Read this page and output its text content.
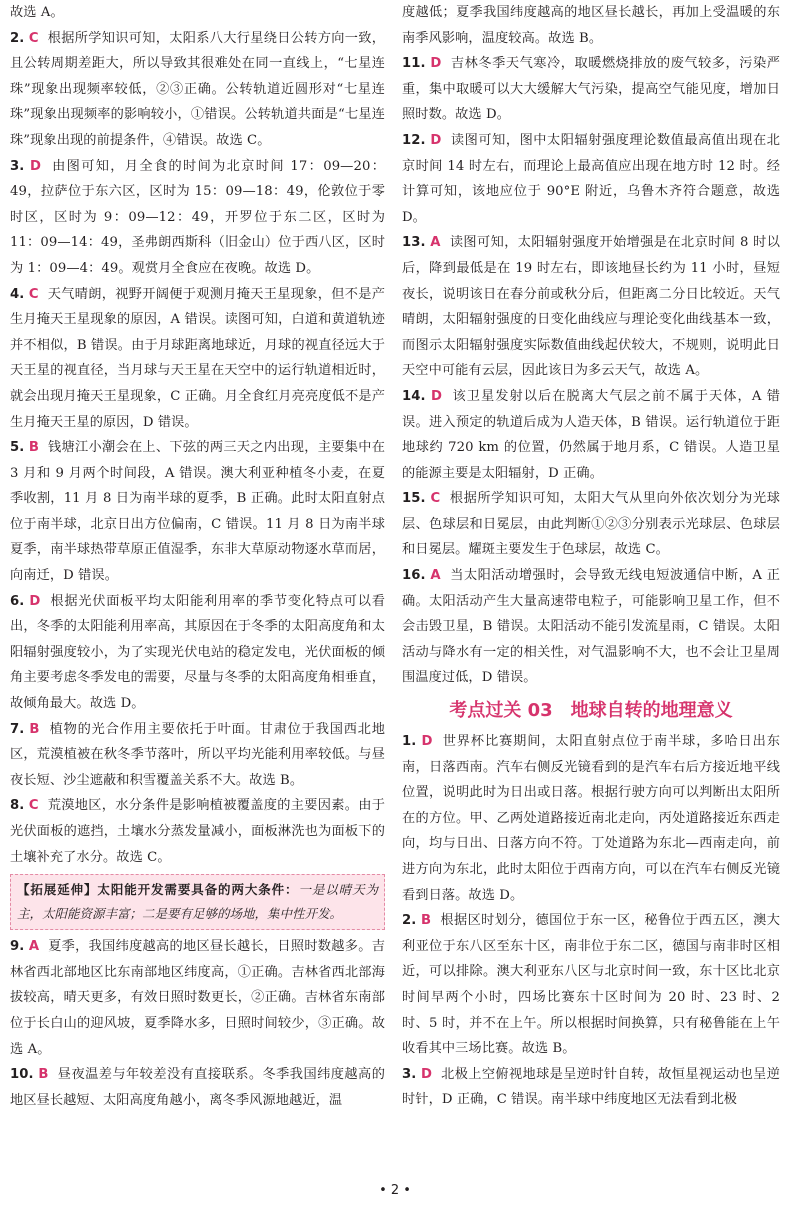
故选 A。

2. C 根据所学知识可知，太阳系八大行星绕日公转方向一致，且公转周期差距大，所以导致其很难处在同一直线上，“七星连珠”现象出现频率较低，②③正确。公转轨道近圆形对“七星连珠”现象出现频率的影响较小，①错误。公转轨道共面是“七星连珠”现象出现的前提条件，④错误。故选 C。

3. D 由图可知，月全食的时间为北京时间 17：09—20：49，拉萨位于东六区，区时为 15：09—18：49，伦敦位于零时区，区时为 9：09—12：49，开罗位于东二区，区时为 11：09—14：49，圣弗朗西斯科（旧金山）位于西八区，区时为 1：09—4：49。观赏月全食应在夜晚。故选 D。

4. C 天气晴朗，视野开阔便于观测月掩天王星现象，但不是产生月掩天王星现象的原因，A 错误。读图可知，白道和黄道轨迹并不相似，B 错误。由于月球距离地球近，月球的视直径远大于天王星的视直径，当月球与天王星在天空中的运行轨道相近时，就会出现月掩天王星现象，C 正确。月全食红月亮亮度低不是产生月掩天王星的原因，D 错误。

5. B 钱塘江小潮会在上、下弦的两三天之内出现，主要集中在 3 月和 9 月两个时间段，A 错误。澳大利亚种植冬小麦，在夏季收割，11 月 8 日为南半球的夏季，B 正确。此时太阳直射点位于南半球，北京日出方位偏南，C 错误。11 月 8 日为南半球夏季，南半球热带草原正值湿季，东非大草原动物逐水草而居，向南迁，D 错误。

6. D 根据光伏面板平均太阳能利用率的季节变化特点可以看出，冬季的太阳能利用率高，其原因在于冬季的太阳高度角和太阳辐射强度较小，为了实现光伏电站的稳定发电，光伏面板的倾角主要考虑冬季发电的需要，尽量与冬季的太阳高度角相垂直，故倾角最大。故选 D。

7. B 植物的光合作用主要依托于叶面。甘肃位于我国西北地区，荒漠植被在秋冬季节落叶，所以平均光能利用率较低。与昼夜长短、沙尘遮蔽和积雪覆盖关系不大。故选 B。

8. C 荒漠地区，水分条件是影响植被覆盖度的主要因素。由于光伏面板的遮挡，土壤水分蒸发量减小，面板淋洗也为面板下的土壤补充了水分。故选 C。

【拓展延伸】太阳能开发需要具备的两大条件：一是以晴天为主，太阳能资源丰富；二是要有足够的场地，集中性开发。

9. A 夏季，我国纬度越高的地区昼长越长，日照时数越多。吉林省西北部地区比东南部地区纬度高，①正确。吉林省西北部海拔较高，晴天更多，有效日照时数更长，②正确。吉林省东南部位于长白山的迎风坡，夏季降水多，日照时间较少，③正确。故选 A。

10. B 昼夜温差与年较差没有直接联系。冬季我国纬度越高的地区昼长越短、太阳高度角越小，离冬季风源地越近，温

度越低；夏季我国纬度越高的地区昼长越长，再加上受温暖的东南季风影响，温度较高。故选 B。

11. D 吉林冬季天气寒冷，取暖燃烧排放的废气较多，污染严重，集中取暖可以大大缓解大气污染，提高空气能见度，增加日照时数。故选 D。

12. D 读图可知，图中太阳辐射强度理论数值最高值出现在北京时间 14 时左右，而理论上最高值应出现在地方时 12 时。经计算可知，该地应位于 90°E 附近，乌鲁木齐符合题意，故选 D。

13. A 读图可知，太阳辐射强度开始增强是在北京时间 8 时以后，降到最低是在 19 时左右，即该地昼长约为 11 小时，昼短夜长，说明该日在春分前或秋分后，但距离二分日比较近。天气晴朗，太阳辐射强度的日变化曲线应与理论变化曲线基本一致，而图示太阳辐射强度实际数值曲线起伏较大，不规则，说明此日天空中可能有云层，因此该日为多云天气，故选 A。

14. D 该卫星发射以后在脱离大气层之前不属于天体，A 错误。进入预定的轨道后成为人造天体，B 错误。运行轨道位于距地球约 720 km 的位置，仍然属于地月系，C 错误。人造卫星的能源主要是太阳辐射，D 正确。

15. C 根据所学知识可知，太阳大气从里向外依次划分为光球层、色球层和日冕层，由此判断①②③分别表示光球层、色球层和日冕层。耀斑主要发生于色球层，故选 C。

16. A 当太阳活动增强时，会导致无线电短波通信中断，A 正确。太阳活动产生大量高速带电粒子，可能影响卫星工作，但不会击毁卫星，B 错误。太阳活动不能引发流星雨，C 错误。太阳活动与降水有一定的相关性，对气温影响不大，也不会让卫星周围温度过低，D 错误。

考点过关 03　地球自转的地理意义

1. D 世界杯比赛期间，太阳直射点位于南半球，多哈日出东南，日落西南。汽车右侧反光镜看到的是汽车右后方接近地平线位置，说明此时为日出或日落。根据行驶方向可以判断出太阳所在的方位。甲、乙两处道路接近南北走向，丙处道路接近东西走向，均与日出、日落方向不符。丁处道路为东北—西南走向，前进方向为东北，此时太阳位于西南方向，可以在汽车右侧反光镜看到日落。故选 D。

2. B 根据区时划分，德国位于东一区，秘鲁位于西五区，澳大利亚位于东八区至东十区，南非位于东二区，德国与南非时区相近，可以排除。澳大利亚东八区与北京时间一致，东十区比北京时间早两个小时，四场比赛东十区时间为 20 时、23 时、2 时、5 时，并不在上午。所以根据时间换算，只有秘鲁能在上午收看其中三场比赛。故选 B。

3. D 北极上空俯视地球是呈逆时针自转，故恒星视运动也呈逆时针，D 正确，C 错误。南半球中纬度地区无法看到北极

• 2 •
